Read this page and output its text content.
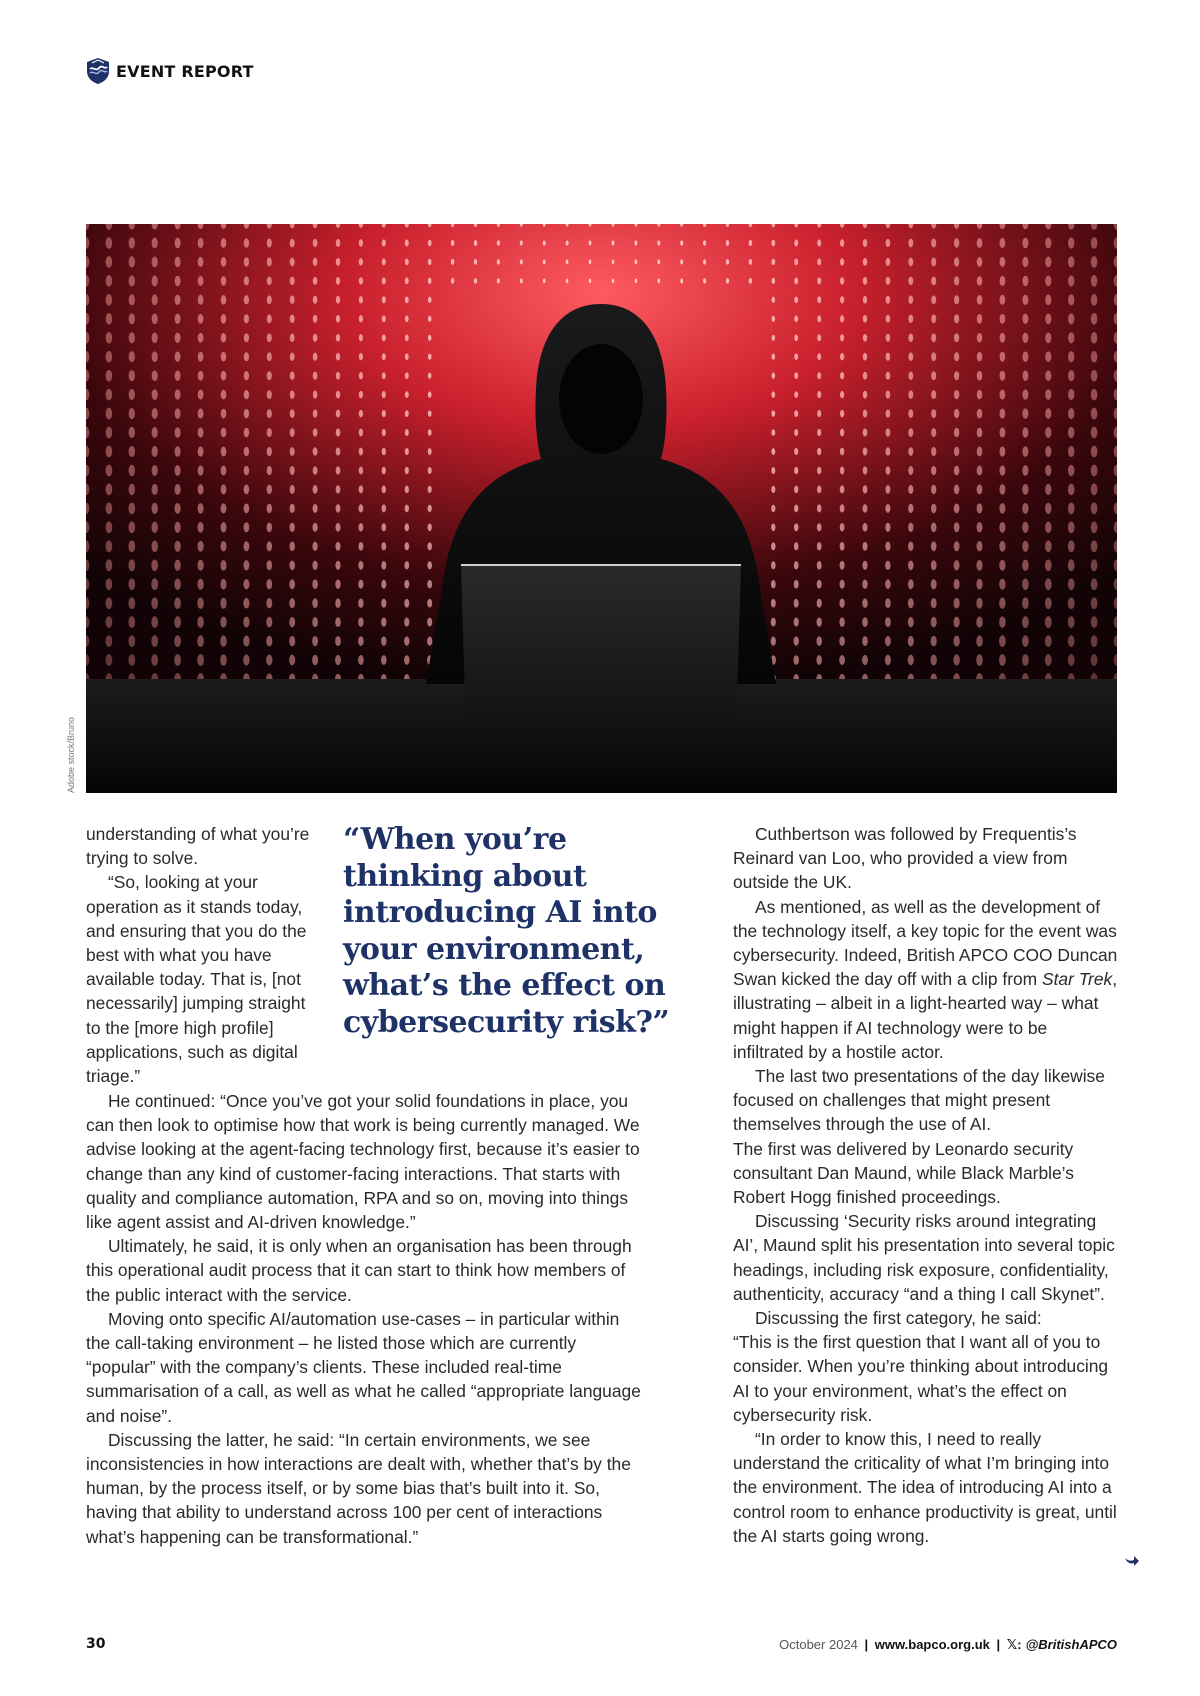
EVENT REPORT
Adobe stock/Bruno

understanding of what you’re trying to solve.

“So, looking at your operation as it stands today, and ensuring that you do the best with what you have available today. That is, [not necessarily] jumping straight to the [more high profile] applications, such as digital triage.”

“When you’re thinking about introducing AI into your environment, what’s the effect on cybersecurity risk?”

He continued: “Once you’ve got your solid foundations in place, you can then look to optimise how that work is being currently managed. We advise looking at the agent-facing technology first, because it’s easier to change than any kind of customer-facing interactions. That starts with quality and compliance automation, RPA and so on, moving into things like agent assist and AI-driven knowledge.”

Ultimately, he said, it is only when an organisation has been through this operational audit process that it can start to think how members of the public interact with the service.

Moving onto specific AI/automation use-cases – in particular within the call-taking environment – he listed those which are currently “popular” with the company’s clients. These included real-time summarisation of a call, as well as what he called “appropriate language and noise”.

Discussing the latter, he said: “In certain environments, we see inconsistencies in how interactions are dealt with, whether that’s by the human, by the process itself, or by some bias that’s built into it. So, having that ability to understand across 100 per cent of interactions what’s happening can be transformational.”

Cuthbertson was followed by Frequentis’s Reinard van Loo, who provided a view from outside the UK.

As mentioned, as well as the development of the technology itself, a key topic for the event was cybersecurity. Indeed, British APCO COO Duncan Swan kicked the day off with a clip from Star Trek, illustrating – albeit in a light-hearted way – what might happen if AI technology were to be infiltrated by a hostile actor.

The last two presentations of the day likewise focused on challenges that might present themselves through the use of AI.

The first was delivered by Leonardo security consultant Dan Maund, while Black Marble’s Robert Hogg finished proceedings.

Discussing ‘Security risks around integrating AI’, Maund split his presentation into several topic headings, including risk exposure, confidentiality, authenticity, accuracy “and a thing I call Skynet”.

Discussing the first category, he said:

“This is the first question that I want all of you to consider. When you’re thinking about introducing AI to your environment, what’s the effect on cybersecurity risk.

“In order to know this, I need to really understand the criticality of what I’m bringing into the environment. The idea of introducing AI into a control room to enhance productivity is great, until the AI starts going wrong.

30	October 2024 | www.bapco.org.uk | 𝕏: @BritishAPCO
